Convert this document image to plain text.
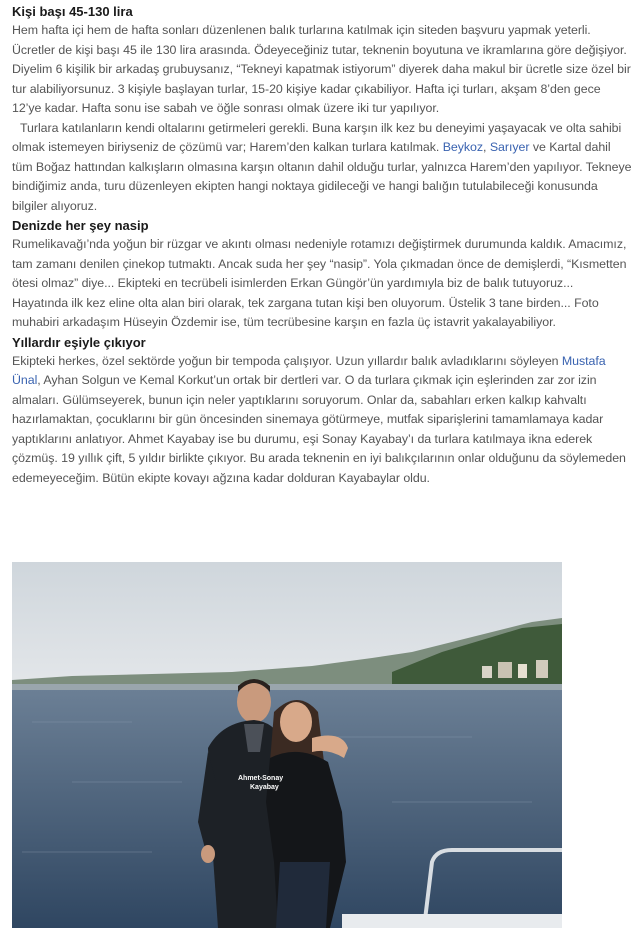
Kişi başı 45-130 lira

Hem hafta içi hem de hafta sonları düzenlenen balık turlarına katılmak için siteden başvuru yapmak yeterli. Ücretler de kişi başı 45 ile 130 lira arasında. Ödeyeceğiniz tutar, teknenin boyutuna ve ikramlarına göre değişiyor. Diyelim 6 kişilik bir arkadaş grubuysanız, “Tekneyi kapatmak istiyorum” diyerek daha makul bir ücretle size özel bir tur alabiliyorsunuz. 3 kişiyle başlayan turlar, 15-20 kişiye kadar çıkabiliyor. Hafta içi turları, akşam 8’den gece 12’ye kadar. Hafta sonu ise sabah ve öğle sonrası olmak üzere iki tur yapılıyor.

Turlara katılanların kendi oltalarını getirmeleri gerekli. Buna karşın ilk kez bu deneyimi yaşayacak ve olta sahibi olmak istemeyen biriyseniz de çözümü var; Harem’den kalkan turlara katılmak. Beykoz, Sarıyer ve Kartal dahil tüm Boğaz hattından kalkışların olmasına karşın oltanın dahil olduğu turlar, yalnızca Harem’den yapılıyor. Tekneye bindiğimiz anda, turu düzenleyen ekipten hangi noktaya gidileceği ve hangi balığın tutulabileceği konusunda bilgiler alıyoruz.

Denizde her şey nasip

Rumelikavağı’nda yoğun bir rüzgar ve akıntı olması nedeniyle rotamızı değiştirmek durumunda kaldık. Amacımız, tam zamanı denilen çinekop tutmaktı. Ancak suda her şey “nasip”. Yola çıkmadan önce de demişlerdi, “Kısmetten ötesi olmaz” diye... Ekipteki en tecrübeli isimlerden Erkan Güngör’ün yardımıyla biz de balık tutuyoruz... Hayatında ilk kez eline olta alan biri olarak, tek zargana tutan kişi ben oluyorum. Üstelik 3 tane birden... Foto muhabiri arkadaşım Hüseyin Özdemir ise, tüm tecrübesine karşın en fazla üç istavrit yakalayabiliyor.

Yıllardır eşiyle çıkıyor

Ekipteki herkes, özel sektörde yoğun bir tempoda çalışıyor. Uzun yıllardır balık avladıklarını söyleyen Mustafa Ünal, Ayhan Solgun ve Kemal Korkut’un ortak bir dertleri var. O da turlara çıkmak için eşlerinden zar zor izin almaları. Gülümseyerek, bunun için neler yaptıklarını soruyorum. Onlar da, sabahları erken kalkıp kahvaltı hazırlamaktan, çocuklarını bir gün öncesinden sinemaya götürmeye, mutfak siparişlerini tamamlamaya kadar yaptıklarını anlatıyor. Ahmet Kayabay ise bu durumu, eşi Sonay Kayabay’ı da turlara katılmaya ikna ederek çözmüş. 19 yıllık çift, 5 yıldır birlikte çıkıyor. Bu arada teknenin en iyi balıkçılarının onlar olduğunu da söylemeden edemeyeceğim. Bütün ekipte kovayı ağzına kadar dolduran Kayabaylar oldu.

Ahmet-Sonay
Kayabay
